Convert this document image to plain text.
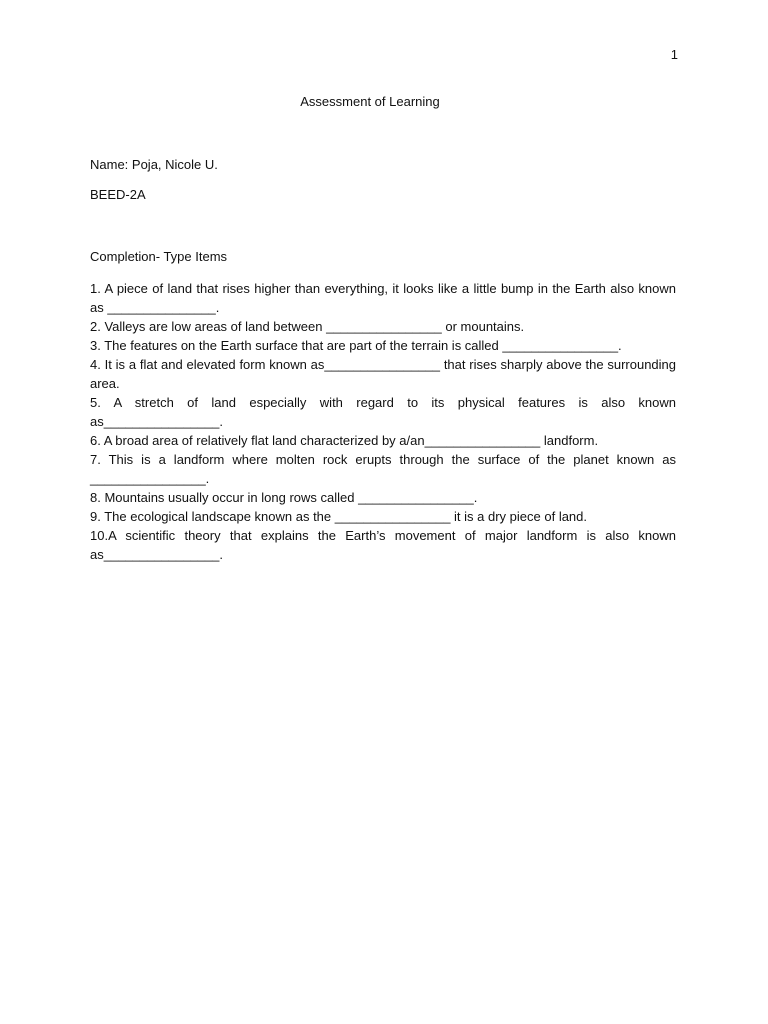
1
Assessment of Learning
Name: Poja, Nicole U.
BEED-2A
Completion- Type Items
1. A piece of land that rises higher than everything, it looks like a little bump in the Earth also known as _______________.
2. Valleys are low areas of land between ________________ or mountains.
3. The features on the Earth surface that are part of the terrain is called ________________.
4. It is a flat and elevated form known as________________ that rises sharply above the surrounding area.
5. A stretch of land especially with regard to its physical features is also known as________________.
6. A broad area of relatively flat land characterized by a/an________________ landform.
7. This is a landform where molten rock erupts through the surface of the planet known as ________________.
8. Mountains usually occur in long rows called ________________.
9. The ecological landscape known as the ________________ it is a dry piece of land.
10.A scientific theory that explains the Earth’s movement of major landform is also known as________________.
